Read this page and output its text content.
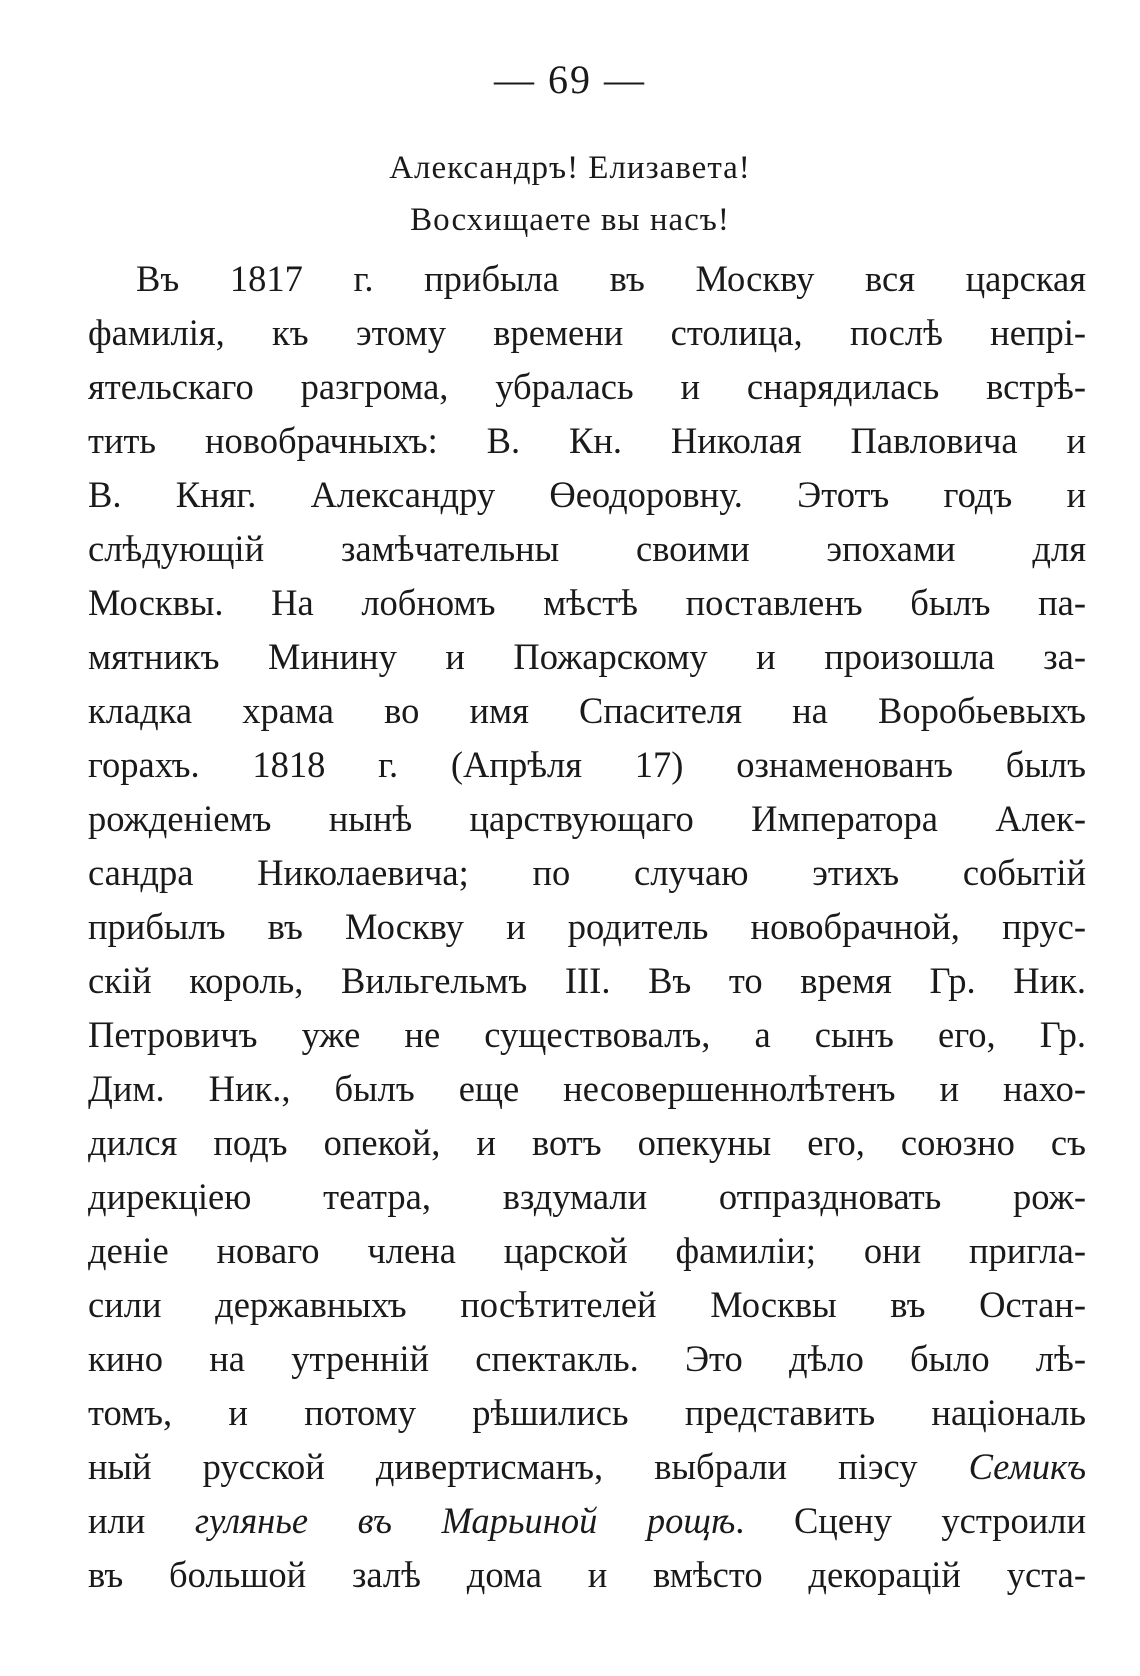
— 69 —
Александръ! Елизавета!
Восхищаете вы насъ!
Въ 1817 г. прибыла въ Москву вся царская
фамилія, къ этому времени столица, послѣ непрі-
ятельскаго разгрома, убралась и снарядилась встрѣ-
тить новобрачныхъ: В. Кн. Николая Павловича и
В. Княг. Александру Өеодоровну. Этотъ годъ и
слѣдующій замѣчательны своими эпохами для
Москвы. На лобномъ мѣстѣ поставленъ былъ па-
мятникъ Минину и Пожарскому и произошла за-
кладка храма во имя Спасителя на Воробьевыхъ
горахъ. 1818 г. (Апрѣля 17) ознаменованъ былъ
рожденіемъ нынѣ царствующаго Императора Алек-
сандра Николаевича; по случаю этихъ событій
прибылъ въ Москву и родитель новобрачной, прус-
скій король, Вильгельмъ III. Въ то время Гр. Ник.
Петровичъ уже не существовалъ, а сынъ его, Гр.
Дим. Ник., былъ еще несовершеннолѣтенъ и нахо-
дился подъ опекой, и вотъ опекуны его, союзно съ
дирекціею театра, вздумали отпраздновать рож-
деніе новаго члена царской фамиліи; они пригла-
сили державныхъ посѣтителей Москвы въ Остан-
кино на утренній спектакль. Это дѣло было лѣ-
томъ, и потому рѣшились представить національ
ный русской дивертисманъ, выбрали піэсу Семикъ
или гулянье въ Марьиной рощѣ. Сцену устроили
въ большой залѣ дома и вмѣсто декорацій уста-
